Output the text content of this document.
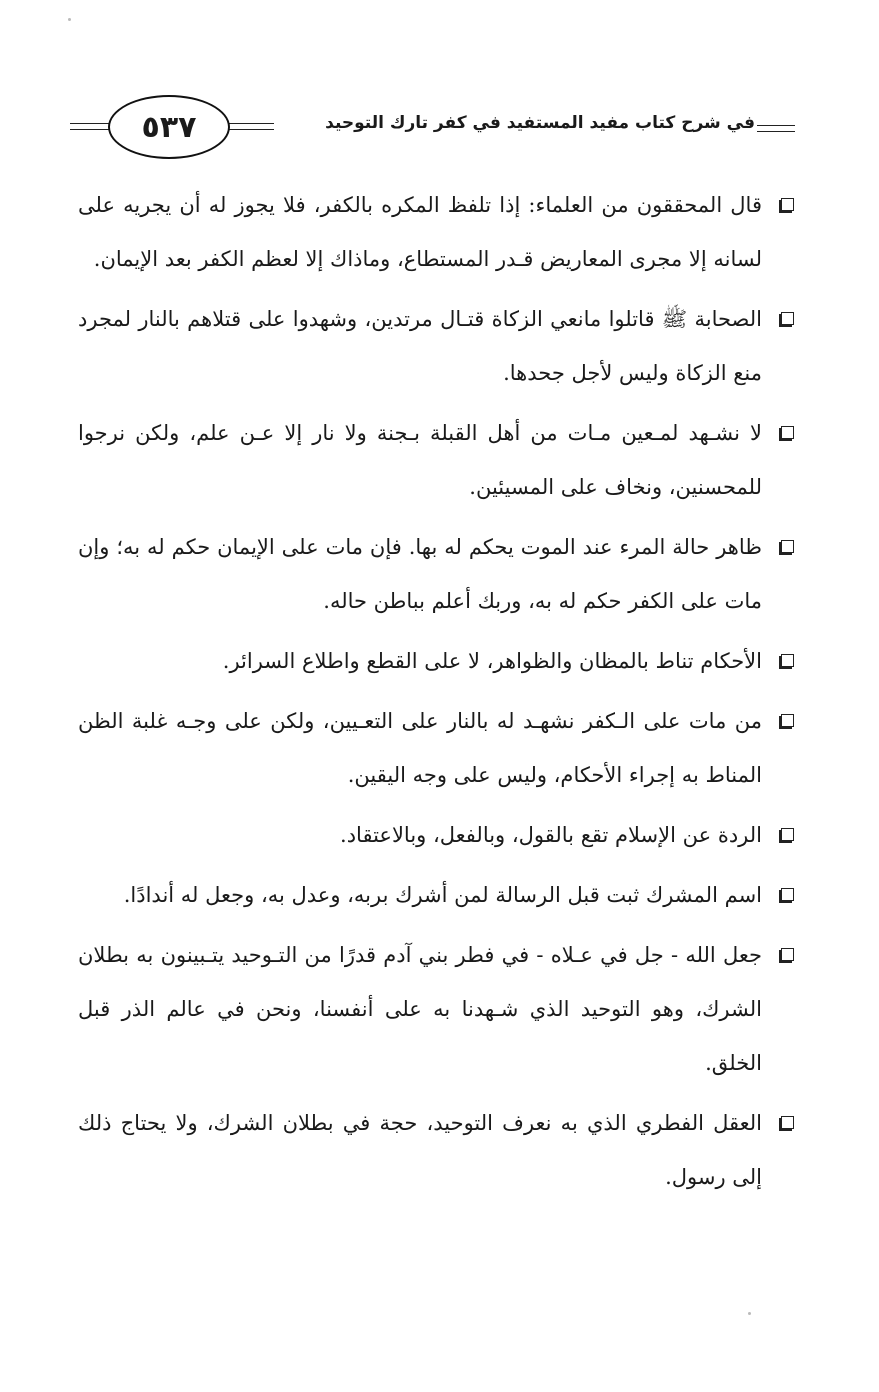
في شرح كتاب مفيد المستفيد في كفر تارك التوحيد
٥٣٧
قال المحققون من العلماء: إذا تلفظ المكره بالكفر، فلا يجوز له أن يجريه على لسانه إلا مجرى المعاريض قـدر المستطاع، وماذاك إلا لعظم الكفر بعد الإيمان.
الصحابة ﷺ قاتلوا مانعي الزكاة قتـال مرتدين، وشهدوا على قتلاهم بالنار لمجرد منع الزكاة وليس لأجل جحدها.
لا نشـهد لمـعين مـات من أهل القبلة بـجنة ولا نار إلا عـن علم، ولكن نرجوا للمحسنين، ونخاف على المسيئين.
ظاهر حالة المرء عند الموت يحكم له بها. فإن مات على الإيمان حكم له به؛ وإن مات على الكفر حكم له به، وربك أعلم بباطن حاله.
الأحكام تناط بالمظان والظواهر، لا على القطع واطلاع السرائر.
من مات على الـكفر نشهـد له بالنار على التعـيين، ولكن على وجـه غلبة الظن المناط به إجراء الأحكام، وليس على وجه اليقين.
الردة عن الإسلام تقع بالقول، وبالفعل، وبالاعتقاد.
اسم المشرك ثبت قبل الرسالة لمن أشرك بربه، وعدل به، وجعل له أندادًا.
جعل الله - جل في عـلاه - في فطر بني آدم قدرًا من التـوحيد يتـبينون به بطلان الشرك، وهو التوحيد الذي شـهدنا به على أنفسنا، ونحن في عالم الذر قبل الخلق.
العقل الفطري الذي به نعرف التوحيد، حجة في بطلان الشرك، ولا يحتاج ذلك إلى رسول.
